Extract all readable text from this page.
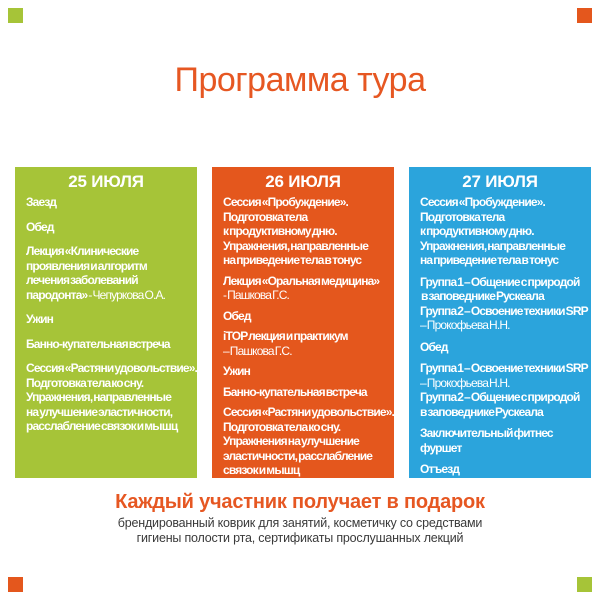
Программа тура
25 ИЮЛЯ

Заезд

Обед

Лекция «Клинические
проявления и алгоритм
лечения заболеваний
пародонта» - Чепуркова О.А.

Ужин

Банно-купательная встреча

Сессия «Растяни удовольствие».
Подготовка тела ко сну.
Упражнения, направленные
на улучшение эластичности,
расслабление связок и мышц

26 ИЮЛЯ

Сессия «Пробуждение».
Подготовка тела
к продуктивному дню.
Упражнения, направленные
на приведение тела в тонус

Лекция «Оральная медицина»
- Пашкова Г.С.

Обед

iTOP лекция и практикум
– Пашкова Г.С.

Ужин

Банно-купательная встреча

Сессия «Растяни удовольствие».
Подготовка тела ко сну.
Упражнения на улучшение
эластичности, расслабление
связок и мышц

27 ИЮЛЯ

Сессия «Пробуждение».
Подготовка тела
к продуктивному дню.
Упражнения, направленные
на приведение тела в тонус

Группа 1 – Общение с природой
в заповеднике Рускеала
Группа 2 – Освоение техники SRP
– Прокофьева Н.Н.

Обед

Группа 1 – Освоение техники SRP
– Прокофьева Н.Н.
Группа 2 – Общение с природой
в заповеднике Рускеала

Заключительный фитнес фуршет

Отъезд

Каждый участник получает в подарок

брендированный коврик для занятий, косметичку со средствами гигиены полости рта, сертификаты прослушанных лекций
